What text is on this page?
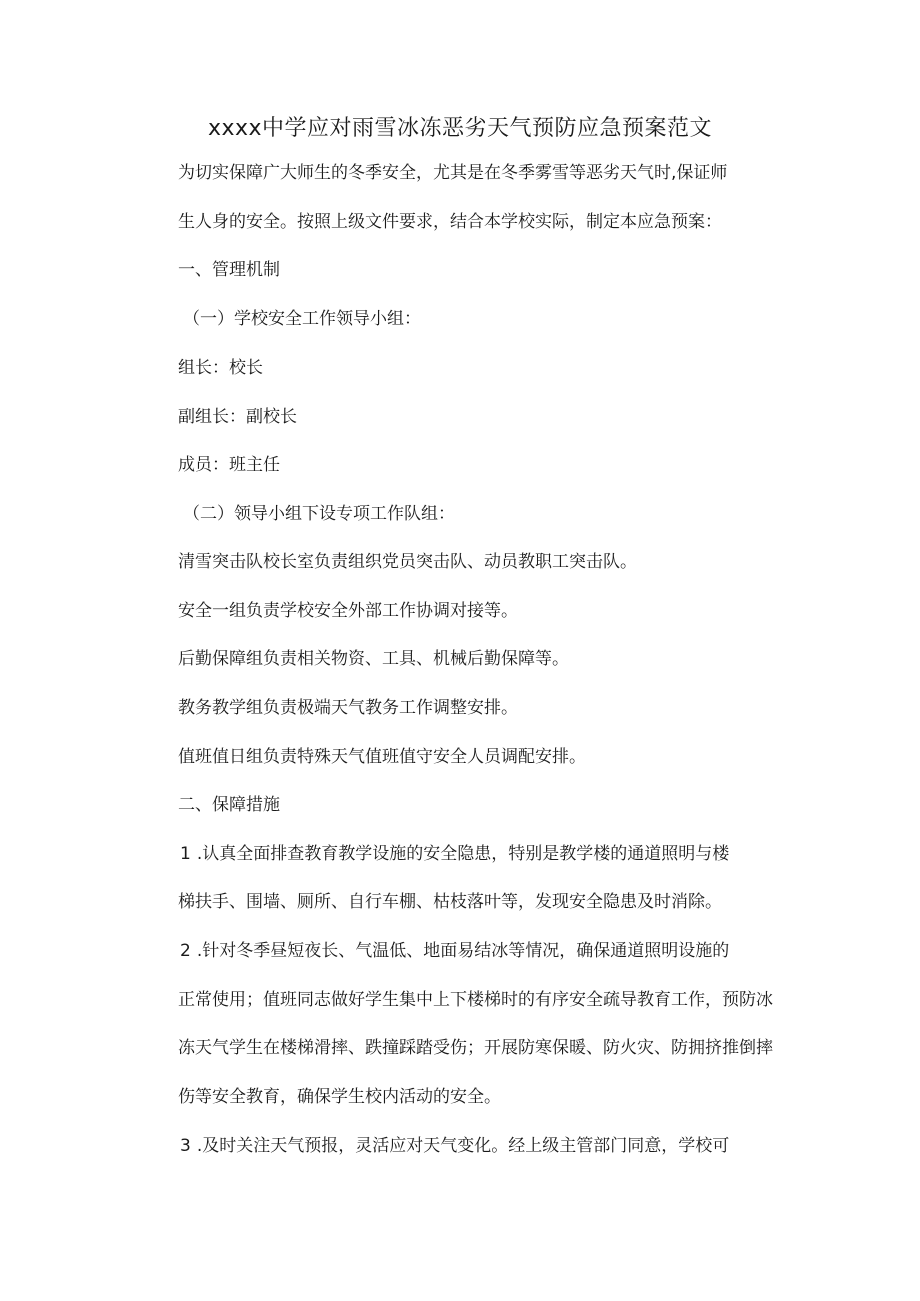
xxxx中学应对雨雪冰冻恶劣天气预防应急预案范文
为切实保障广大师生的冬季安全，尤其是在冬季雾雪等恶劣天气时,保证师
生人身的安全。按照上级文件要求，结合本学校实际，制定本应急预案：
一、管理机制
（一）学校安全工作领导小组：
组长：校长
副组长：副校长
成员：班主任
（二）领导小组下设专项工作队组：
清雪突击队校长室负责组织党员突击队、动员教职工突击队。
安全一组负责学校安全外部工作协调对接等。
后勤保障组负责相关物资、工具、机械后勤保障等。
教务教学组负责极端天气教务工作调整安排。
值班值日组负责特殊天气值班值守安全人员调配安排。
二、保障措施
1 .认真全面排查教育教学设施的安全隐患，特别是教学楼的通道照明与楼
梯扶手、围墙、厕所、自行车棚、枯枝落叶等，发现安全隐患及时消除。
2 .针对冬季昼短夜长、气温低、地面易结冰等情况，确保通道照明设施的
正常使用；值班同志做好学生集中上下楼梯时的有序安全疏导教育工作，预防冰
冻天气学生在楼梯滑摔、跌撞踩踏受伤；开展防寒保暖、防火灾、防拥挤推倒摔
伤等安全教育，确保学生校内活动的安全。
3 .及时关注天气预报，灵活应对天气变化。经上级主管部门同意，学校可
